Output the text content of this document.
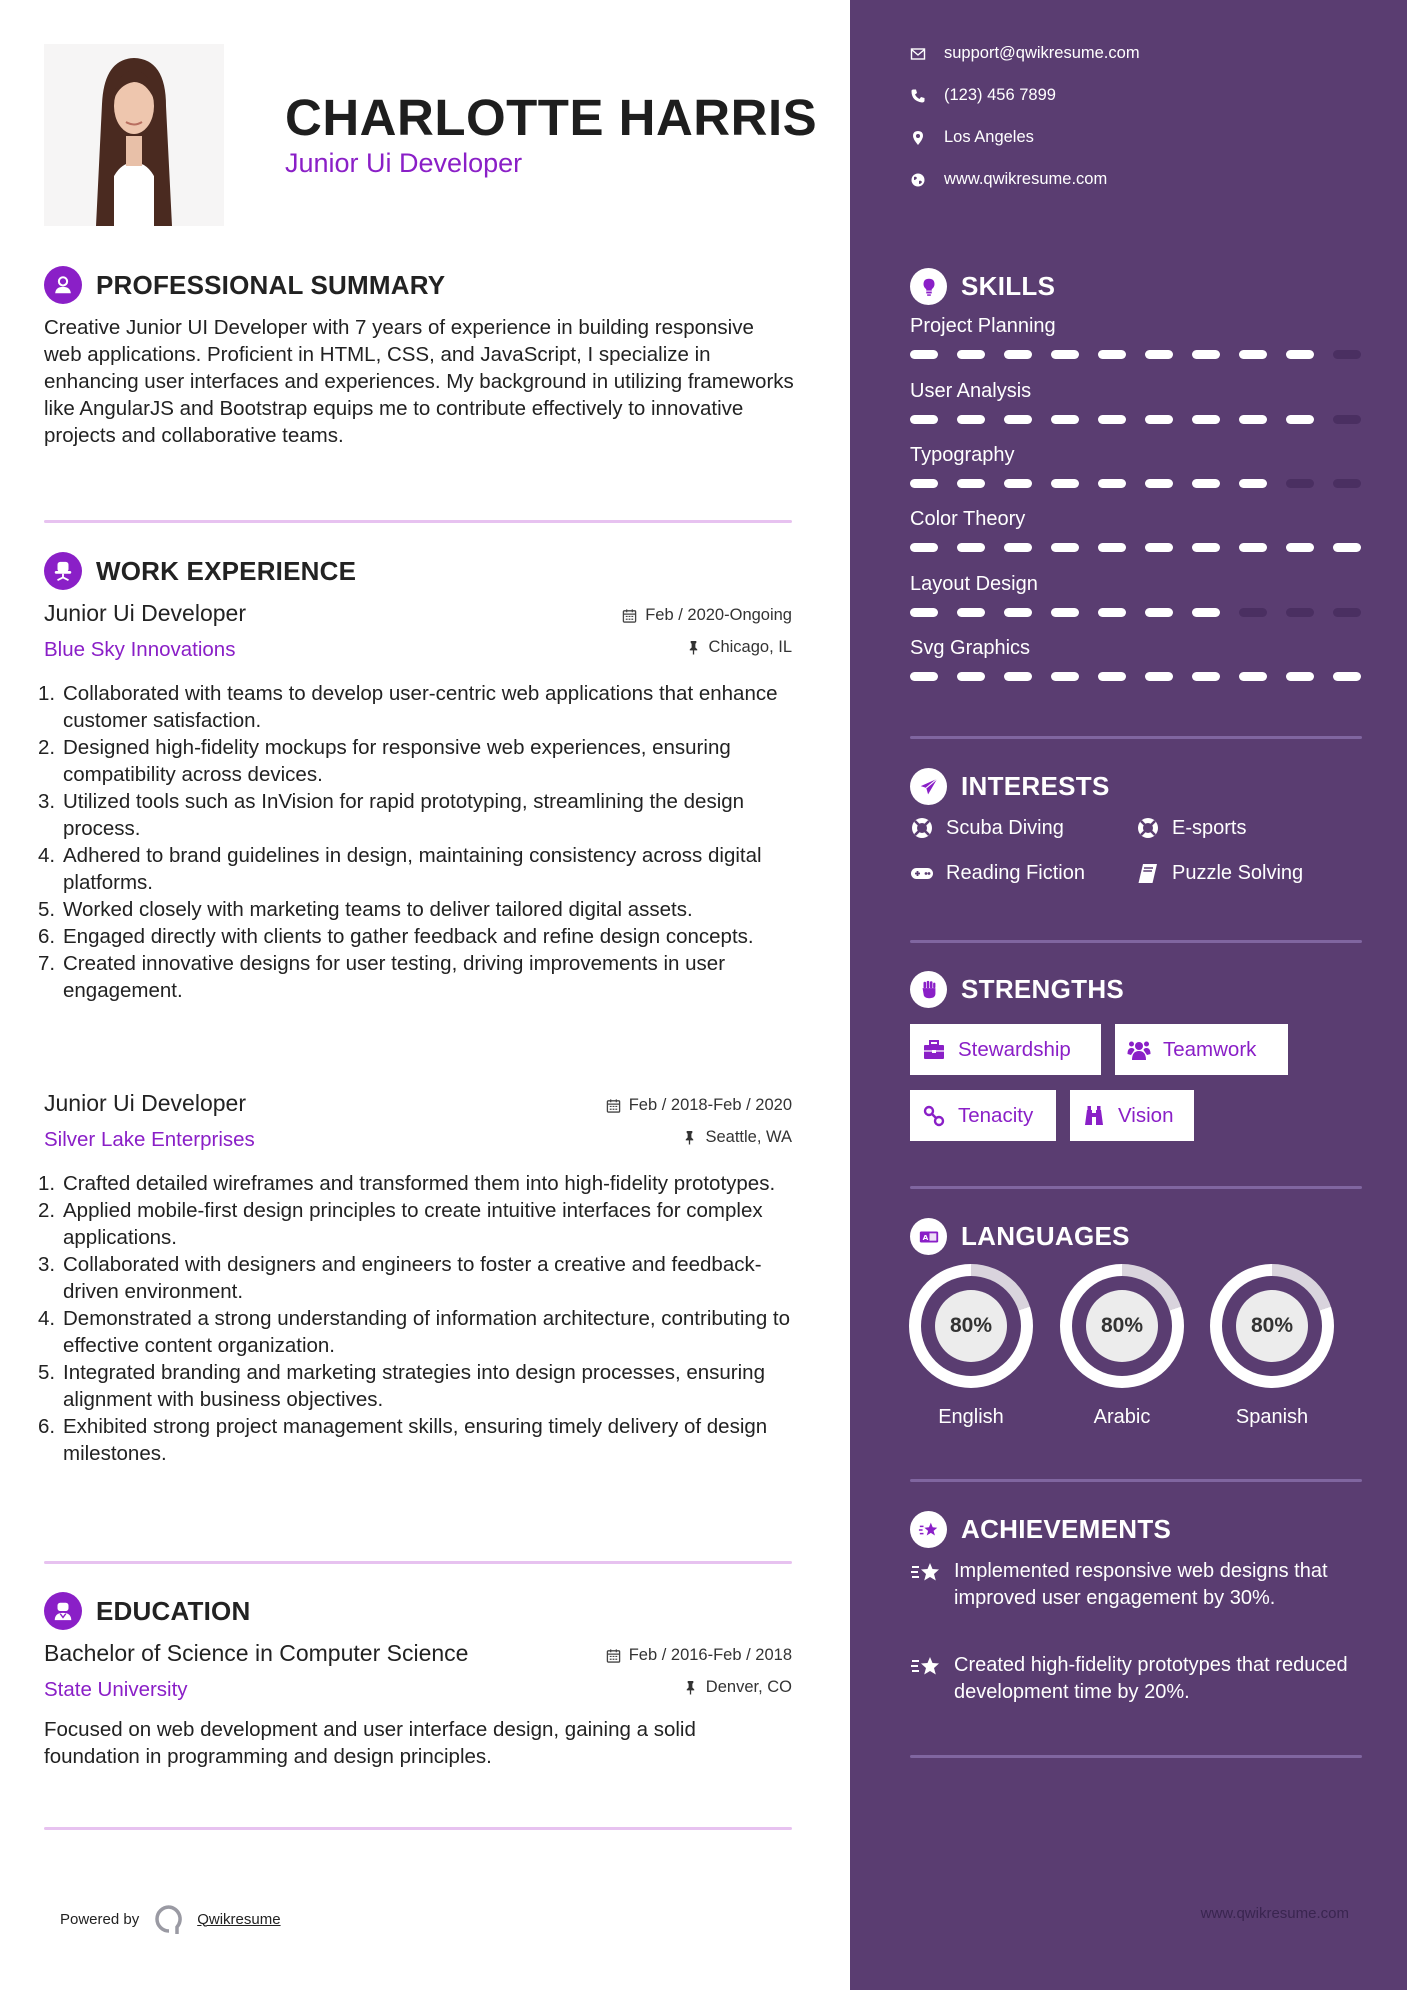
CHARLOTTE HARRIS
Junior Ui Developer
PROFESSIONAL SUMMARY
Creative Junior UI Developer with 7 years of experience in building responsive web applications. Proficient in HTML, CSS, and JavaScript, I specialize in enhancing user interfaces and experiences. My background in utilizing frameworks like AngularJS and Bootstrap equips me to contribute effectively to innovative projects and collaborative teams.
WORK EXPERIENCE
Junior Ui Developer	Feb / 2020-Ongoing
Blue Sky Innovations	Chicago, IL
1. Collaborated with teams to develop user-centric web applications that enhance customer satisfaction.
2. Designed high-fidelity mockups for responsive web experiences, ensuring compatibility across devices.
3. Utilized tools such as InVision for rapid prototyping, streamlining the design process.
4. Adhered to brand guidelines in design, maintaining consistency across digital platforms.
5. Worked closely with marketing teams to deliver tailored digital assets.
6. Engaged directly with clients to gather feedback and refine design concepts.
7. Created innovative designs for user testing, driving improvements in user engagement.
Junior Ui Developer	Feb / 2018-Feb / 2020
Silver Lake Enterprises	Seattle, WA
1. Crafted detailed wireframes and transformed them into high-fidelity prototypes.
2. Applied mobile-first design principles to create intuitive interfaces for complex applications.
3. Collaborated with designers and engineers to foster a creative and feedback-driven environment.
4. Demonstrated a strong understanding of information architecture, contributing to effective content organization.
5. Integrated branding and marketing strategies into design processes, ensuring alignment with business objectives.
6. Exhibited strong project management skills, ensuring timely delivery of design milestones.
EDUCATION
Bachelor of Science in Computer Science	Feb / 2016-Feb / 2018
State University	Denver, CO
Focused on web development and user interface design, gaining a solid foundation in programming and design principles.
Powered by	Qwikresume
support@qwikresume.com
(123) 456 7899
Los Angeles
www.qwikresume.com
SKILLS
Project Planning
User Analysis
Typography
Color Theory
Layout Design
Svg Graphics
INTERESTS
Scuba Diving	E-sports
Reading Fiction	Puzzle Solving
STRENGTHS
Stewardship	Teamwork
Tenacity	Vision
A LANGUAGES
80%
English
80%
Arabic
80%
Spanish
ACHIEVEMENTS
Implemented responsive web designs that improved user engagement by 30%.
Created high-fidelity prototypes that reduced development time by 20%.
www.qwikresume.com
